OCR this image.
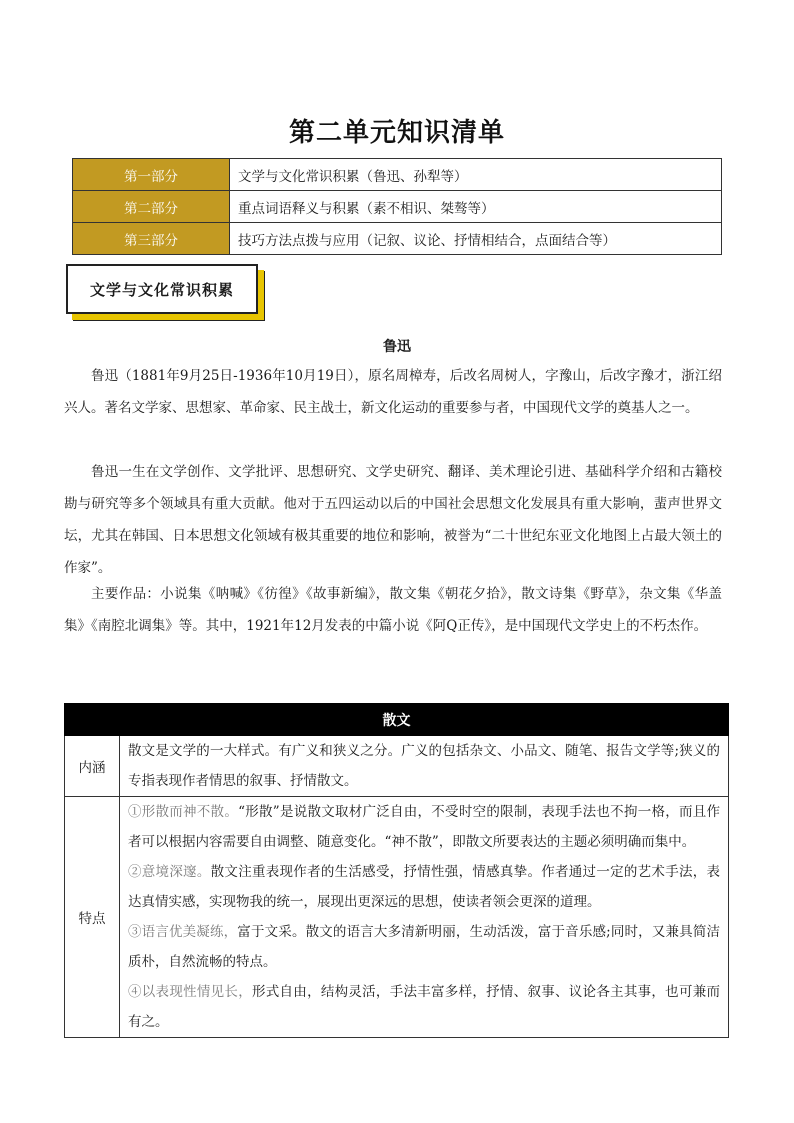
第二单元知识清单
第一部分	文学与文化常识积累（鲁迅、孙犁等）
第二部分	重点词语释义与积累（素不相识、桀骜等）
第三部分	技巧方法点拨与应用（记叙、议论、抒情相结合，点面结合等）
文学与文化常识积累
鲁迅

鲁迅（1881年9月25日-1936年10月19日），原名周樟寿，后改名周树人，字豫山，后改字豫才，浙江绍兴人。著名文学家、思想家、革命家、民主战士，新文化运动的重要参与者，中国现代文学的奠基人之一。

鲁迅一生在文学创作、文学批评、思想研究、文学史研究、翻译、美术理论引进、基础科学介绍和古籍校勘与研究等多个领域具有重大贡献。他对于五四运动以后的中国社会思想文化发展具有重大影响，蜚声世界文坛，尤其在韩国、日本思想文化领域有极其重要的地位和影响，被誉为“二十世纪东亚文化地图上占最大领土的作家”。

主要作品：小说集《呐喊》《彷徨》《故事新编》，散文集《朝花夕拾》，散文诗集《野草》，杂文集《华盖集》《南腔北调集》等。其中，1921年12月发表的中篇小说《阿Q正传》，是中国现代文学史上的不朽杰作。

散文	
内涵	散文是文学的一大样式。有广义和狭义之分。广义的包括杂文、小品文、随笔、报告文学等;狭义的专指表现作者情思的叙事、抒情散文。
特点	①形散而神不散。“形散”是说散文取材广泛自由，不受时空的限制，表现手法也不拘一格，而且作者可以根据内容需要自由调整、随意变化。“神不散”，即散文所要表达的主题必须明确而集中。

②意境深邃。散文注重表现作者的生活感受，抒情性强，情感真挚。作者通过一定的艺术手法，表达真情实感，实现物我的统一，展现出更深远的思想，使读者领会更深的道理。

③语言优美凝练，富于文采。散文的语言大多清新明丽，生动活泼，富于音乐感;同时，又兼具简洁质朴，自然流畅的特点。

④以表现性情见长，形式自由，结构灵活，手法丰富多样，抒情、叙事、议论各主其事，也可兼而有之。
